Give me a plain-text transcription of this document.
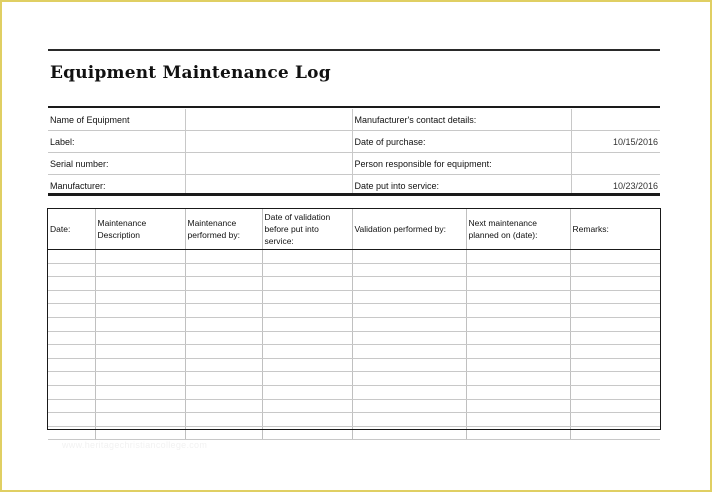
Equipment Maintenance Log
Name of Equipment		Manufacturer's contact details:	
Label:		Date of purchase:	10/15/2016
Serial number:		Person responsible for equipment:	
Manufacturer:		Date put into service:	10/23/2016
Date:	Maintenance Description	Maintenance performed by:	Date of validation before put into service:	Validation performed by:	Next maintenance planned on (date):	Remarks:

www.heritagechristiancollege.com
